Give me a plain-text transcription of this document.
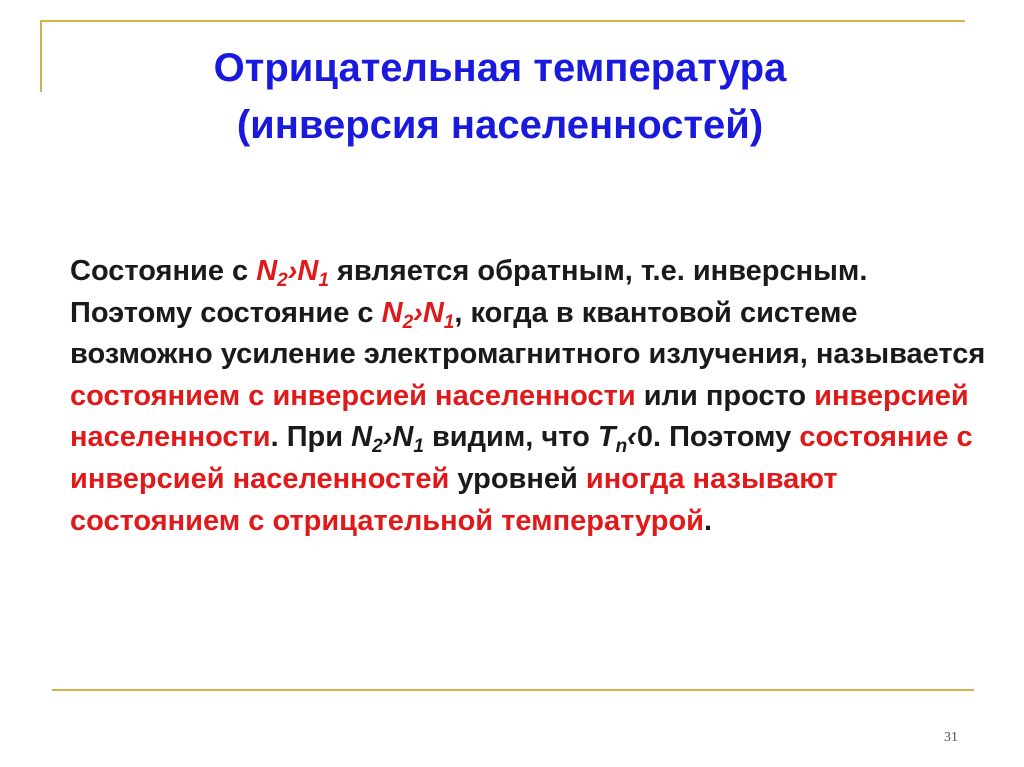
Отрицательная температура
(инверсия населенностей)
Состояние с $N_2›N_1$ является обратным, т.е. инверсным. Поэтому состояние с $N_2›N_1$, когда в квантовой системе возможно усиление электромагнитного излучения, называется состоянием с инверсией населенности или просто инверсией населенности. При $N_2›N_1$ видим, что $T_n‹0$. Поэтому состояние с инверсией населенностей уровней иногда называют состоянием с отрицательной температурой.
31
